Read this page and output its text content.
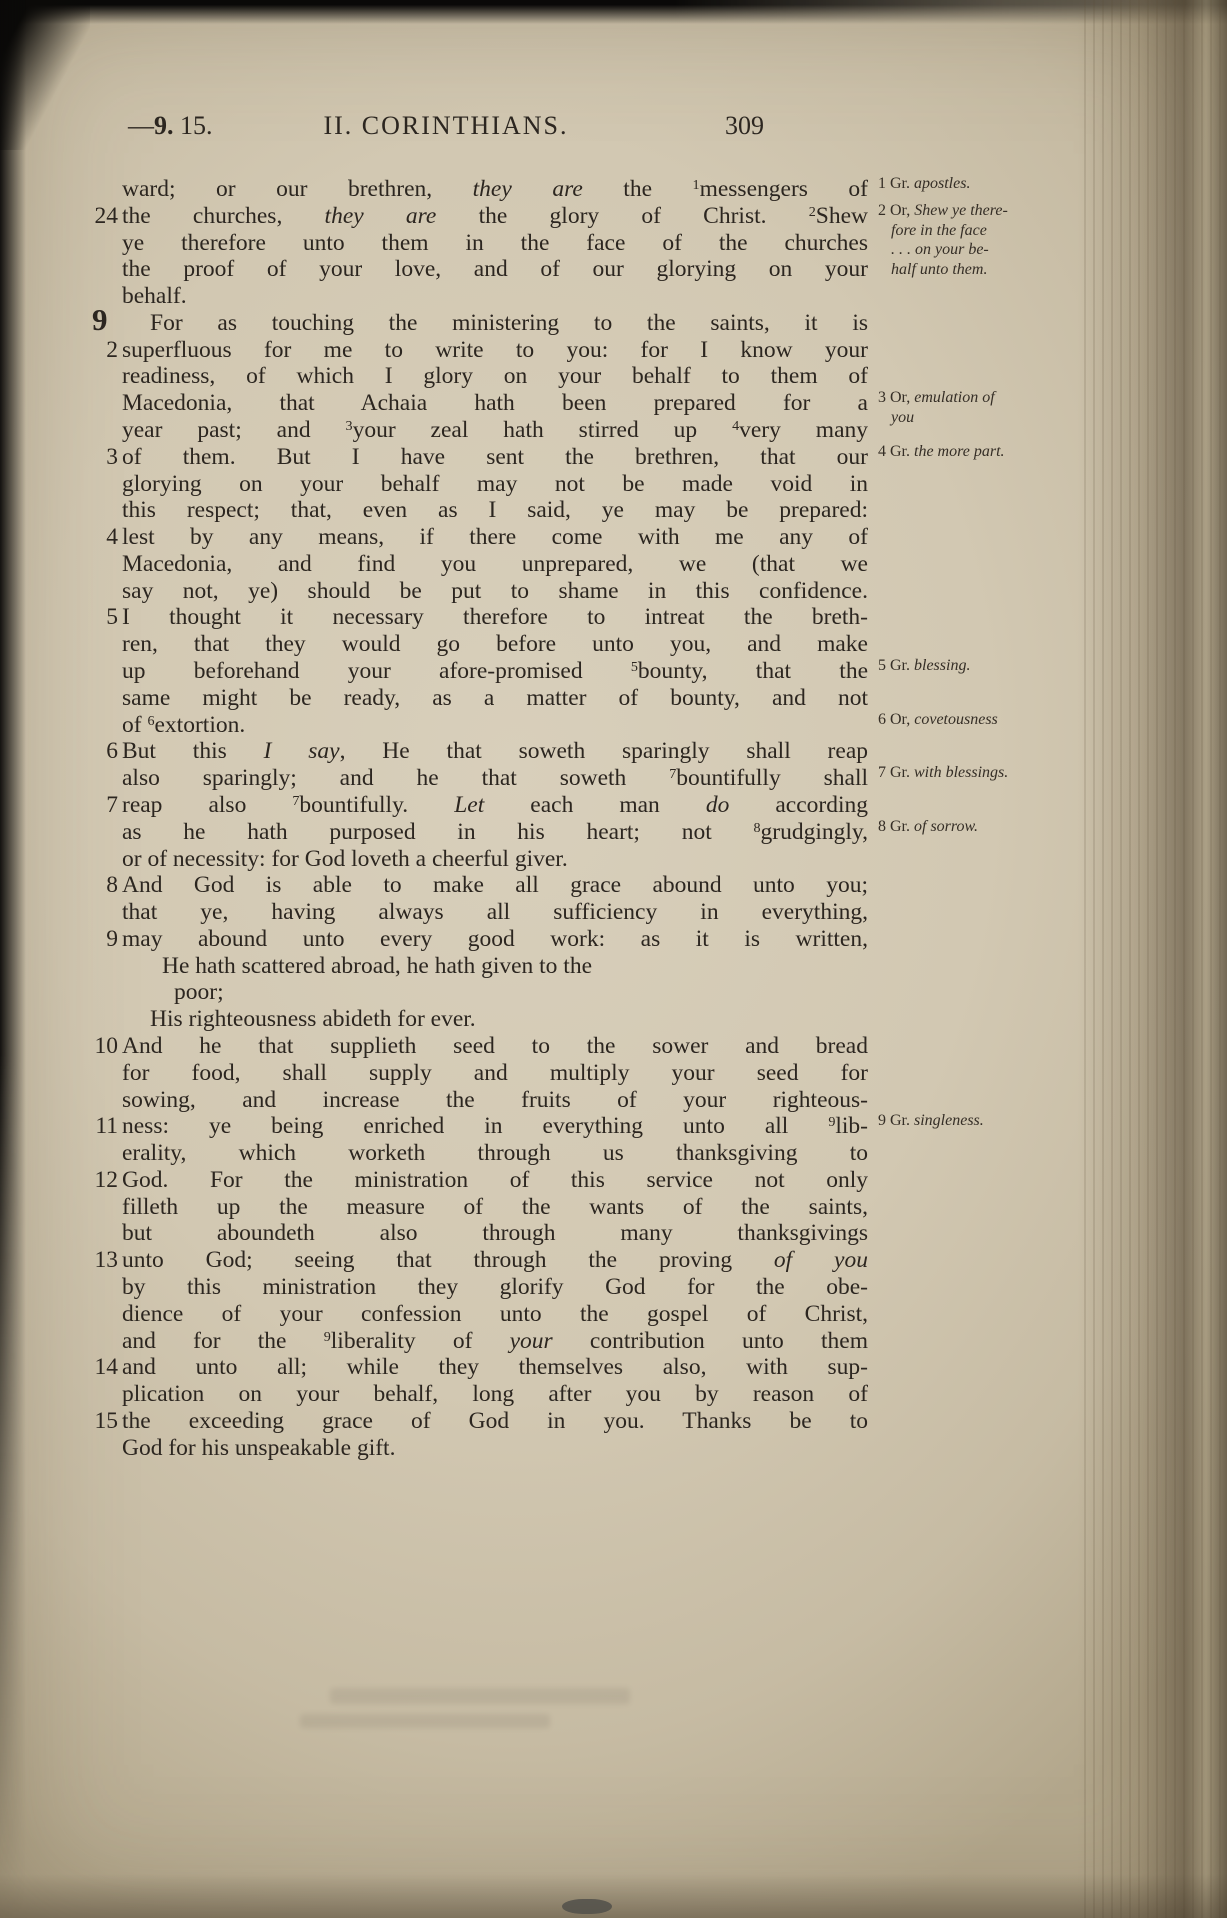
—9. 15.	II. CORINTHIANS.	309
ward; or our brethren, they are the $^1$messengers of
24 the churches, they are the glory of Christ. $^2$Shew
ye therefore unto them in the face of the churches
the proof of your love, and of our glorying on your
behalf.
9	For as touching the ministering to the saints, it is
2 superfluous for me to write to you: for I know your
readiness, of which I glory on your behalf to them of
Macedonia, that Achaia hath been prepared for a
year past; and $^3$your zeal hath stirred up $^4$very many
3 of them. But I have sent the brethren, that our
glorying on your behalf may not be made void in
this respect; that, even as I said, ye may be prepared:
4 lest by any means, if there come with me any of
Macedonia, and find you unprepared, we (that we
say not, ye) should be put to shame in this confidence.
5 I thought it necessary therefore to intreat the breth-
ren, that they would go before unto you, and make
up beforehand your afore-promised $^5$bounty, that the
same might be ready, as a matter of bounty, and not
of $^6$extortion.
6 But this I say, He that soweth sparingly shall reap
also sparingly; and he that soweth $^7$bountifully shall
7 reap also $^7$bountifully. Let each man do according
as he hath purposed in his heart; not $^8$grudgingly,
or of necessity: for God loveth a cheerful giver.
8 And God is able to make all grace abound unto you;
that ye, having always all sufficiency in everything,
9 may abound unto every good work: as it is written,
He hath scattered abroad, he hath given to the
poor;
His righteousness abideth for ever.
10 And he that supplieth seed to the sower and bread
for food, shall supply and multiply your seed for
sowing, and increase the fruits of your righteous-
11 ness: ye being enriched in everything unto all $^9$lib-
erality, which worketh through us thanksgiving to
12 God. For the ministration of this service not only
filleth up the measure of the wants of the saints,
but aboundeth also through many thanksgivings
13 unto God; seeing that through the proving of you
by this ministration they glorify God for the obe-
dience of your confession unto the gospel of Christ,
and for the $^9$liberality of your contribution unto them
14 and unto all; while they themselves also, with sup-
plication on your behalf, long after you by reason of
15 the exceeding grace of God in you. Thanks be to
God for his unspeakable gift.
1 Gr. apostles.
2 Or, Shew ye there-
fore in the face
. . . on your be-
half unto them.
3 Or, emulation of
you
4 Gr. the more part.
5 Gr. blessing.
6 Or, covetousness
7 Gr. with blessings.
8 Gr. of sorrow.
9 Gr. singleness.
